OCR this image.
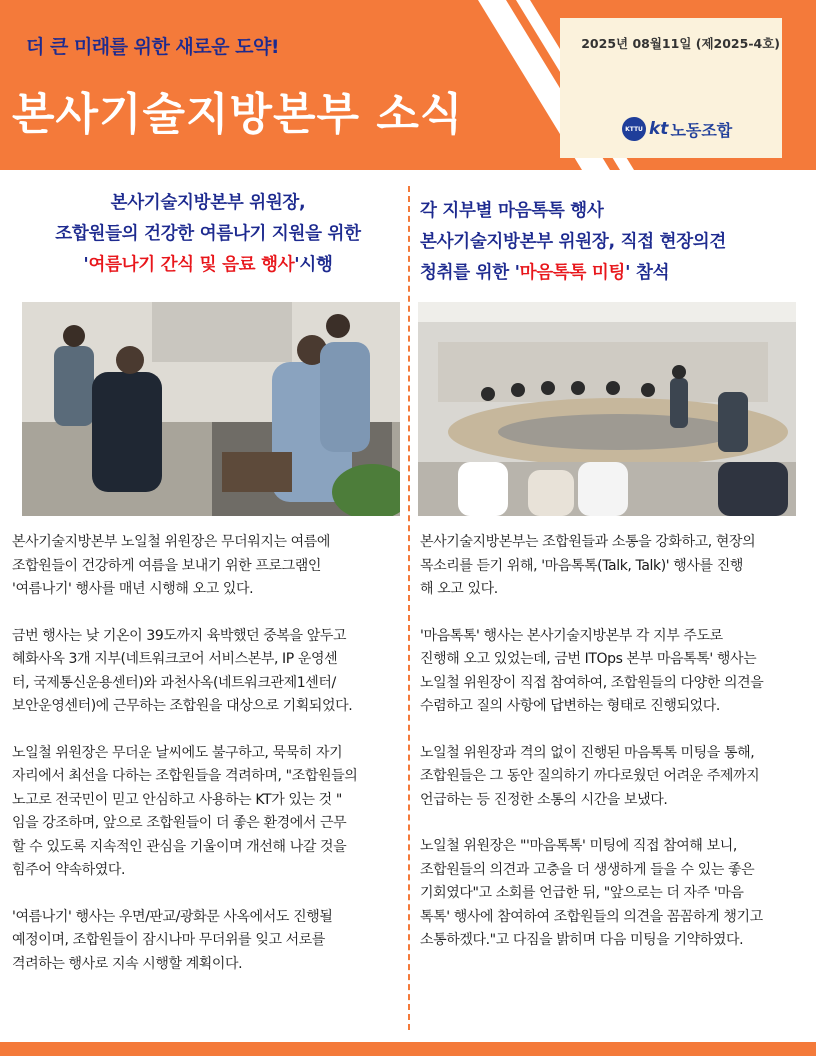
더 큰 미래를 위한 새로운 도약!
본사기술지방본부 소식
2025년 08월11일 (제2025-4호)
KTTU kt 노동조합
본사기술지방본부 위원장,
조합원들의 건강한 여름나기 지원을 위한
'여름나기 간식 및 음료 행사'시행

본사기술지방본부 노일철 위원장은 무더워지는 여름에
조합원들이 건강하게 여름을 보내기 위한 프로그램인
'여름나기' 행사를 매년 시행해 오고 있다.

금번 행사는 낮 기온이 39도까지 육박했던 중복을 앞두고
혜화사옥 3개 지부(네트워크코어 서비스본부, IP 운영센
터, 국제통신운용센터)와 과천사옥(네트워크관제1센터/
보안운영센터)에 근무하는 조합원을 대상으로 기획되었다.

노일철 위원장은 무더운 날씨에도 불구하고, 묵묵히 자기
자리에서 최선을 다하는 조합원들을 격려하며, "조합원들의
노고로 전국민이 믿고 안심하고 사용하는 KT가 있는 것 "
임을 강조하며, 앞으로 조합원들이 더 좋은 환경에서 근무
할 수 있도록 지속적인 관심을 기울이며 개선해 나갈 것을
힘주어 약속하였다.

'여름나기' 행사는 우면/판교/광화문 사옥에서도 진행될
예정이며, 조합원들이 잠시나마 무더위를 잊고 서로를
격려하는 행사로 지속 시행할 계획이다.

각 지부별 마음톡톡 행사
본사기술지방본부 위원장, 직접 현장의견
청취를 위한 '마음톡톡 미팅' 참석

본사기술지방본부는 조합원들과 소통을 강화하고, 현장의
목소리를 듣기 위해, '마음톡톡(Talk, Talk)' 행사를 진행
해 오고 있다.

'마음톡톡' 행사는 본사기술지방본부 각 지부 주도로
진행해 오고 있었는데, 금번 ITOps 본부 마음톡톡' 행사는
노일철 위원장이 직접 참여하여, 조합원들의 다양한 의견을
수렴하고 질의 사항에 답변하는 형태로 진행되었다.

노일철 위원장과 격의 없이 진행된 마음톡톡 미팅을 통해,
조합원들은 그 동안 질의하기 까다로웠던 어려운 주제까지
언급하는 등 진정한 소통의 시간을 보냈다.

노일철 위원장은 "'마음톡톡' 미팅에 직접 참여해 보니,
조합원들의 의견과 고충을 더 생생하게 들을 수 있는 좋은
기회였다"고 소회를 언급한 뒤, "앞으로는 더 자주 '마음
톡톡' 행사에 참여하여 조합원들의 의견을 꼼꼼하게 챙기고
소통하겠다."고 다짐을 밝히며 다음 미팅을 기약하였다.
